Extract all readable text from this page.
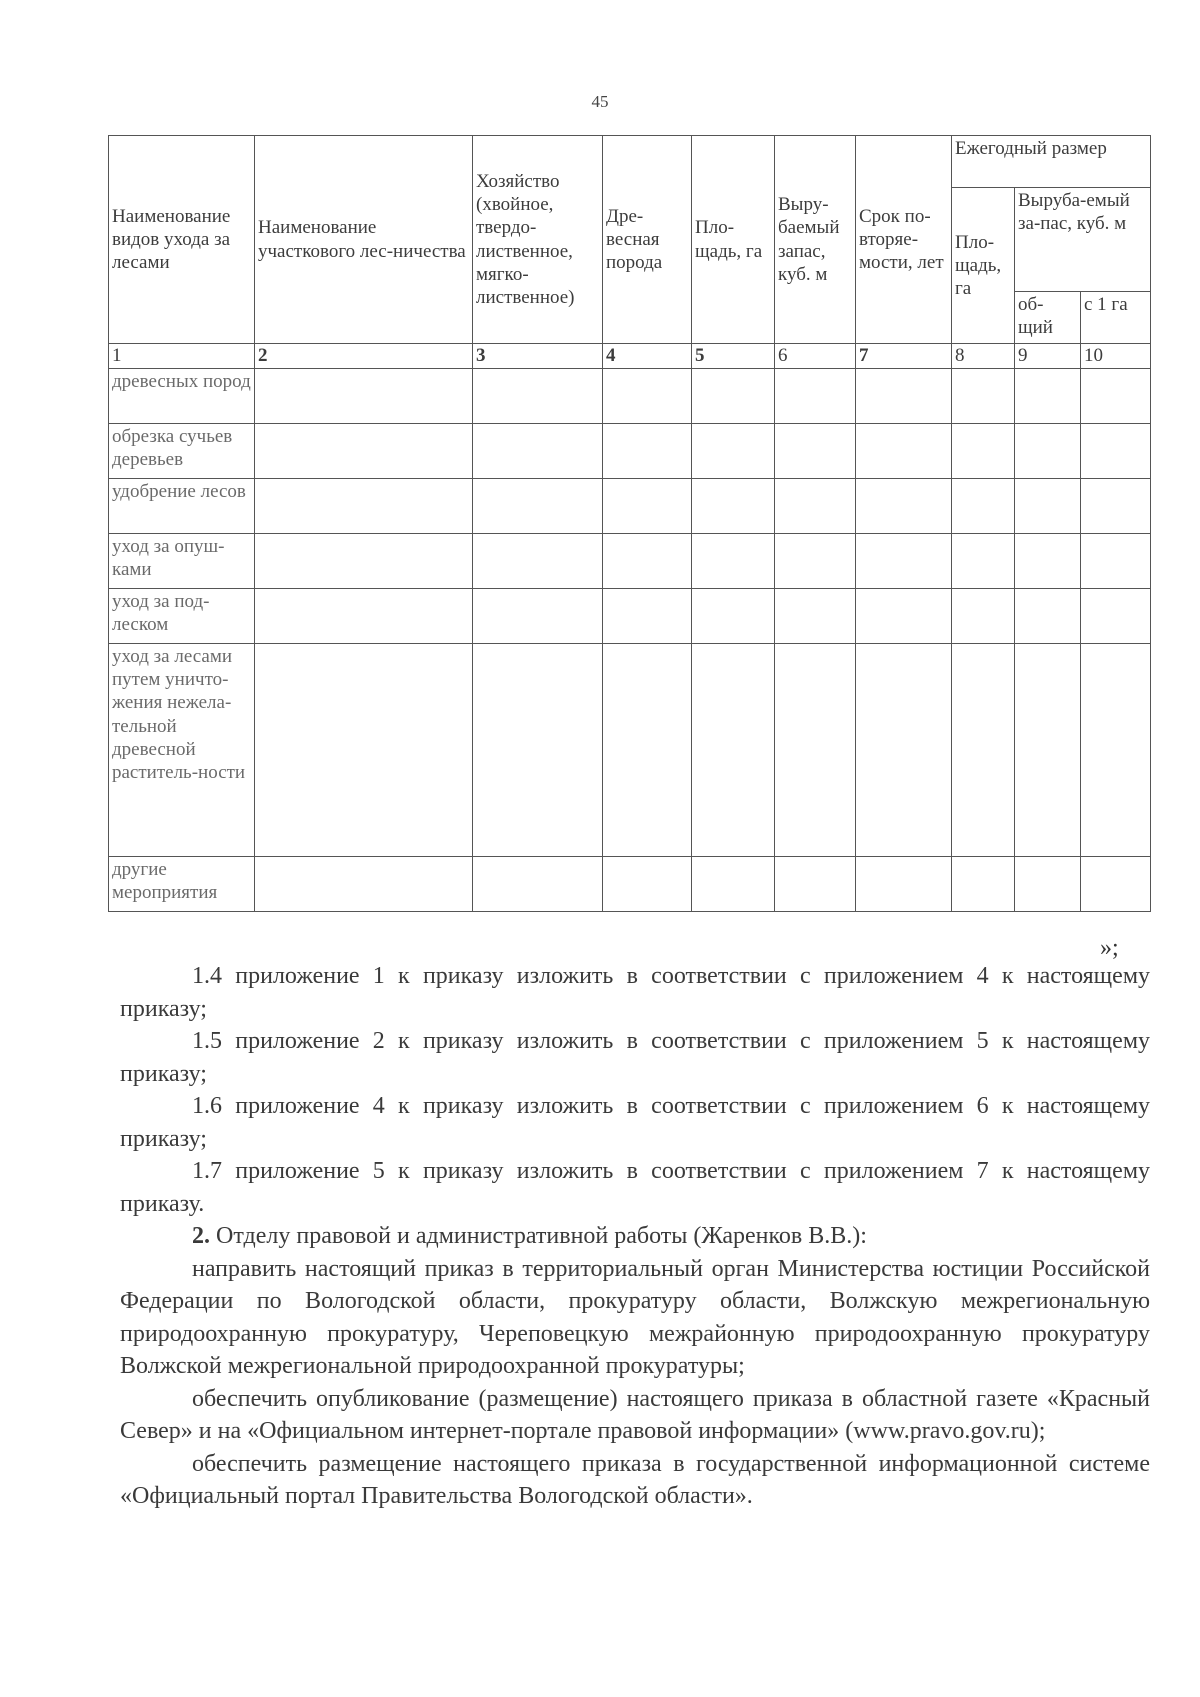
45
Наименование видов ухода за лесами	Наименование участкового лес-ничества	Хозяйство (хвойное, твердо-лиственное, мягко-лиственное)	Дре-весная порода	Пло-щадь, га	Выру-баемый запас, куб. м	Срок по-вторяе-мости, лет	Ежегодный размер		
							Пло-щадь, га	Выруба-емый за-пас, куб. м	
								об-щий	с 1 га
1	2	3	4	5	6	7	8	9	10
древесных пород									
обрезка сучьев деревьев									
удобрение лесов									
уход за опуш-ками									
уход за под-леском									
уход за лесами путем уничто-жения нежела-тельной древесной раститель-ности									
другие мероприятия									
»;

1.4 приложение 1 к приказу изложить в соответствии с приложением 4 к настоящему приказу;

1.5 приложение 2 к приказу изложить в соответствии с приложением 5 к настоящему приказу;

1.6 приложение 4 к приказу изложить в соответствии с приложением 6 к настоящему приказу;

1.7 приложение 5 к приказу изложить в соответствии с приложением 7 к настоящему приказу.

2. Отделу правовой и административной работы (Жаренков В.В.):

направить настоящий приказ в территориальный орган Министерства юстиции Российской Федерации по Вологодской области, прокуратуру области, Волжскую межрегиональную природоохранную прокуратуру, Череповецкую межрайонную природоохранную прокуратуру Волжской межрегиональной природоохранной прокуратуры;

обеспечить опубликование (размещение) настоящего приказа в областной газете «Красный Север» и на «Официальном интернет-портале правовой информации» (www.pravo.gov.ru);

обеспечить размещение настоящего приказа в государственной информационной системе «Официальный портал Правительства Вологодской области».
